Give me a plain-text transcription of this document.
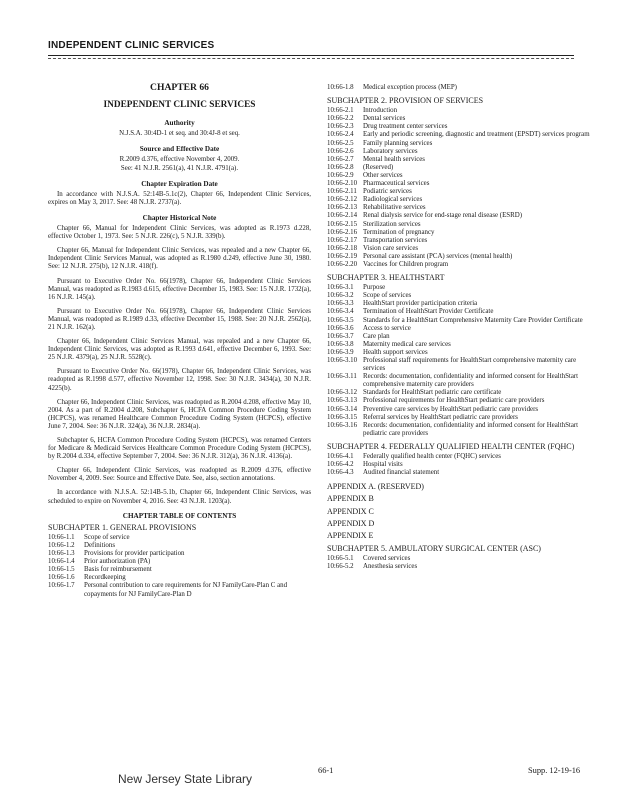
INDEPENDENT CLINIC SERVICES
CHAPTER 66
INDEPENDENT CLINIC SERVICES
Authority

N.J.S.A. 30:4D-1 et seq. and 30:4J-8 et seq.

Source and Effective Date

R.2009 d.376, effective November 4, 2009.

See: 41 N.J.R. 2561(a), 41 N.J.R. 4791(a).

Chapter Expiration Date

In accordance with N.J.S.A. 52:14B-5.1c(2), Chapter 66, Independent Clinic Services, expires on May 3, 2017. See: 48 N.J.R. 2737(a).

Chapter Historical Note

Chapter 66, Manual for Independent Clinic Services, was adopted as R.1973 d.228, effective October 1, 1973. See: 5 N.J.R. 226(c), 5 N.J.R. 339(b).

Chapter 66, Manual for Independent Clinic Services, was repealed and a new Chapter 66, Independent Clinic Services Manual, was adopted as R.1980 d.249, effective June 30, 1980. See: 12 N.J.R. 275(b), 12 N.J.R. 418(f).

Pursuant to Executive Order No. 66(1978), Chapter 66, Independent Clinic Services Manual, was readopted as R.1983 d.615, effective December 15, 1983. See: 15 N.J.R. 1732(a), 16 N.J.R. 145(a).

Pursuant to Executive Order No. 66(1978), Chapter 66, Independent Clinic Services Manual, was readopted as R.1989 d.33, effective December 15, 1988. See: 20 N.J.R. 2562(a), 21 N.J.R. 162(a).

Chapter 66, Independent Clinic Services Manual, was repealed and a new Chapter 66, Independent Clinic Services, was adopted as R.1993 d.641, effective December 6, 1993. See: 25 N.J.R. 4379(a), 25 N.J.R. 5528(c).

Pursuant to Executive Order No. 66(1978), Chapter 66, Independent Clinic Services, was readopted as R.1998 d.577, effective November 12, 1998. See: 30 N.J.R. 3434(a), 30 N.J.R. 4225(b).

Chapter 66, Independent Clinic Services, was readopted as R.2004 d.208, effective May 10, 2004. As a part of R.2004 d.208, Subchapter 6, HCFA Common Procedure Coding System (HCPCS), was renamed Healthcare Common Procedure Coding System (HCPCS), effective June 7, 2004. See: 36 N.J.R. 324(a), 36 N.J.R. 2834(a).

Subchapter 6, HCFA Common Procedure Coding System (HCPCS), was renamed Centers for Medicare & Medicaid Services Healthcare Common Procedure Coding System (HCPCS), by R.2004 d.334, effective September 7, 2004. See: 36 N.J.R. 312(a), 36 N.J.R. 4136(a).

Chapter 66, Independent Clinic Services, was readopted as R.2009 d.376, effective November 4, 2009. See: Source and Effective Date. See, also, section annotations.

In accordance with N.J.S.A. 52:14B-5.1b, Chapter 66, Independent Clinic Services, was scheduled to expire on November 4, 2016. See: 43 N.J.R. 1203(a).

CHAPTER TABLE OF CONTENTS
SUBCHAPTER 1. GENERAL PROVISIONS
10:66-1.1	Scope of service
10:66-1.2	Definitions
10:66-1.3	Provisions for provider participation
10:66-1.4	Prior authorization (PA)
10:66-1.5	Basis for reimbursement
10:66-1.6	Recordkeeping
10:66-1.7	Personal contribution to care requirements for NJ FamilyCare-Plan C and copayments for NJ FamilyCare-Plan D
10:66-1.8	Medical exception process (MEP)
SUBCHAPTER 2. PROVISION OF SERVICES
10:66-2.1	Introduction
10:66-2.2	Dental services
10:66-2.3	Drug treatment center services
10:66-2.4	Early and periodic screening, diagnostic and treatment (EPSDT) services program
10:66-2.5	Family planning services
10:66-2.6	Laboratory services
10:66-2.7	Mental health services
10:66-2.8	(Reserved)
10:66-2.9	Other services
10:66-2.10 Pharmaceutical services
10:66-2.11 Podiatric services
10:66-2.12 Radiological services
10:66-2.13 Rehabilitative services
10:66-2.14 Renal dialysis service for end-stage renal disease (ESRD)
10:66-2.15 Sterilization services
10:66-2.16 Termination of pregnancy
10:66-2.17 Transportation services
10:66-2.18 Vision care services
10:66-2.19 Personal care assistant (PCA) services (mental health)
10:66-2.20 Vaccines for Children program
SUBCHAPTER 3. HEALTHSTART
10:66-3.1	Purpose
10:66-3.2	Scope of services
10:66-3.3	HealthStart provider participation criteria
10:66-3.4	Termination of HealthStart Provider Certificate
10:66-3.5	Standards for a HealthStart Comprehensive Maternity Care Provider Certificate
10:66-3.6	Access to service
10:66-3.7	Care plan
10:66-3.8	Maternity medical care services
10:66-3.9	Health support services
10:66-3.10 Professional staff requirements for HealthStart comprehensive maternity care services
10:66-3.11 Records: documentation, confidentiality and informed consent for HealthStart comprehensive maternity care providers
10:66-3.12 Standards for HealthStart pediatric care certificate
10:66-3.13 Professional requirements for HealthStart pediatric care providers
10:66-3.14 Preventive care services by HealthStart pediatric care providers
10:66-3.15 Referral services by HealthStart pediatric care providers
10:66-3.16 Records: documentation, confidentiality and informed consent for HealthStart pediatric care providers
SUBCHAPTER 4. FEDERALLY QUALIFIED HEALTH CENTER (FQHC)
10:66-4.1	Federally qualified health center (FQHC) services
10:66-4.2	Hospital visits
10:66-4.3	Audited financial statement
APPENDIX A. (RESERVED)
APPENDIX B
APPENDIX C
APPENDIX D
APPENDIX E
SUBCHAPTER 5. AMBULATORY SURGICAL CENTER (ASC)
10:66-5.1	Covered services
10:66-5.2	Anesthesia services
New Jersey State Library
66-1	Supp. 12-19-16
